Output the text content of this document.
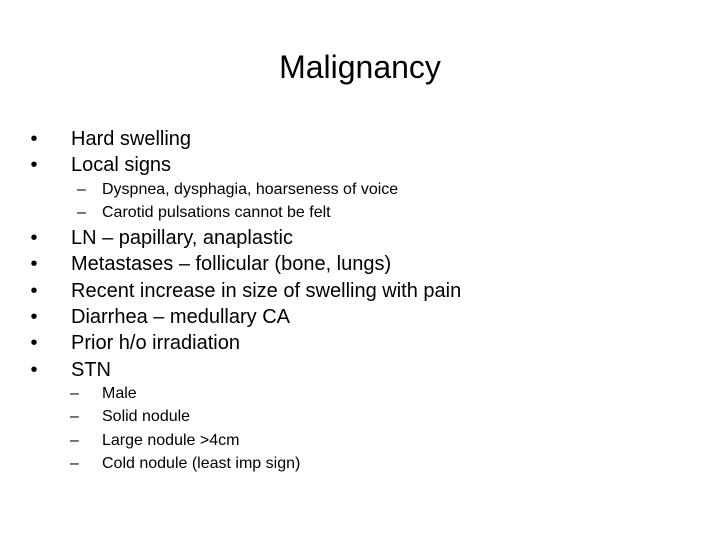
Malignancy
• Hard swelling
• Local signs
– Dyspnea, dysphagia, hoarseness of voice
– Carotid pulsations cannot be felt
• LN – papillary, anaplastic
• Metastases – follicular (bone, lungs)
• Recent increase in size of swelling with pain
• Diarrhea – medullary CA
• Prior h/o irradiation
• STN
– Male
– Solid nodule
– Large nodule >4cm
– Cold nodule (least imp sign)
